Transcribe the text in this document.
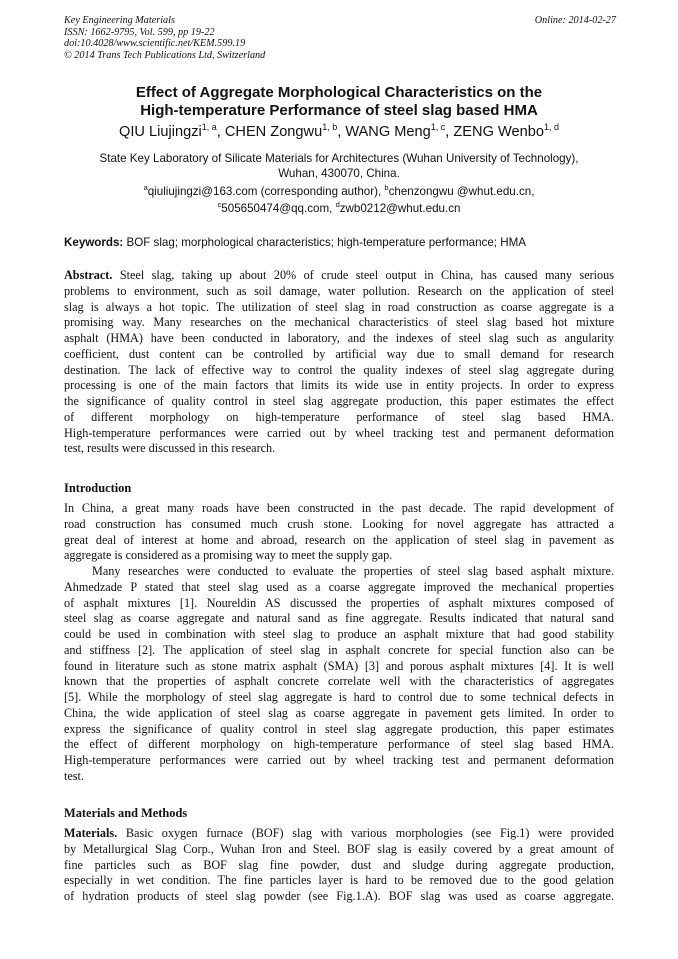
Key Engineering Materials
ISSN: 1662-9795, Vol. 599, pp 19-22
doi:10.4028/www.scientific.net/KEM.599.19
© 2014 Trans Tech Publications Ltd, Switzerland
Online: 2014-02-27
Effect of Aggregate Morphological Characteristics on the
High-temperature Performance of steel slag based HMA
QIU Liujingzi$^{1, a}$, CHEN Zongwu$^{1, b}$, WANG Meng$^{1, c}$, ZENG Wenbo$^{1, d}$
State Key Laboratory of Silicate Materials for Architectures (Wuhan University of Technology),
Wuhan, 430070, China.
$^a$qiuliujingzi@163.com (corresponding author), $^b$chenzongwu @whut.edu.cn,
$^c$505650474@qq.com, $^d$zwb0212@whut.edu.cn
Keywords: BOF slag; morphological characteristics; high-temperature performance; HMA
Abstract. Steel slag, taking up about 20% of crude steel output in China, has caused many serious
problems to environment, such as soil damage, water pollution. Research on the application of steel
slag is always a hot topic. The utilization of steel slag in road construction as coarse aggregate is a
promising way. Many researches on the mechanical characteristics of steel slag based hot mixture
asphalt (HMA) have been conducted in laboratory, and the indexes of steel slag such as angularity
coefficient, dust content can be controlled by artificial way due to small demand for research
destination. The lack of effective way to control the quality indexes of steel slag aggregate during
processing is one of the main factors that limits its wide use in entity projects. In order to express
the significance of quality control in steel slag aggregate production, this paper estimates the effect
of different morphology on high-temperature performance of steel slag based HMA.
High-temperature performances were carried out by wheel tracking test and permanent deformation
test, results were discussed in this research.
Introduction
In China, a great many roads have been constructed in the past decade. The rapid development of
road construction has consumed much crush stone. Looking for novel aggregate has attracted a
great deal of interest at home and abroad, research on the application of steel slag in pavement as
aggregate is considered as a promising way to meet the supply gap.
Many researches were conducted to evaluate the properties of steel slag based asphalt mixture.
Ahmedzade P stated that steel slag used as a coarse aggregate improved the mechanical properties
of asphalt mixtures [1]. Noureldin AS discussed the properties of asphalt mixtures composed of
steel slag as coarse aggregate and natural sand as fine aggregate. Results indicated that natural sand
could be used in combination with steel slag to produce an asphalt mixture that had good stability
and stiffness [2]. The application of steel slag in asphalt concrete for special function also can be
found in literature such as stone matrix asphalt (SMA) [3] and porous asphalt mixtures [4]. It is well
known that the properties of asphalt concrete correlate well with the characteristics of aggregates
[5]. While the morphology of steel slag aggregate is hard to control due to some technical defects in
China, the wide application of steel slag as coarse aggregate in pavement gets limited. In order to
express the significance of quality control in steel slag aggregate production, this paper estimates
the effect of different morphology on high-temperature performance of steel slag based HMA.
High-temperature performances were carried out by wheel tracking test and permanent deformation
test.
Materials and Methods
Materials. Basic oxygen furnace (BOF) slag with various morphologies (see Fig.1) were provided
by Metallurgical Slag Corp., Wuhan Iron and Steel. BOF slag is easily covered by a great amount of
fine particles such as BOF slag fine powder, dust and sludge during aggregate production,
especially in wet condition. The fine particles layer is hard to be removed due to the good gelation
of hydration products of steel slag powder (see Fig.1.A). BOF slag was used as coarse aggregate.
